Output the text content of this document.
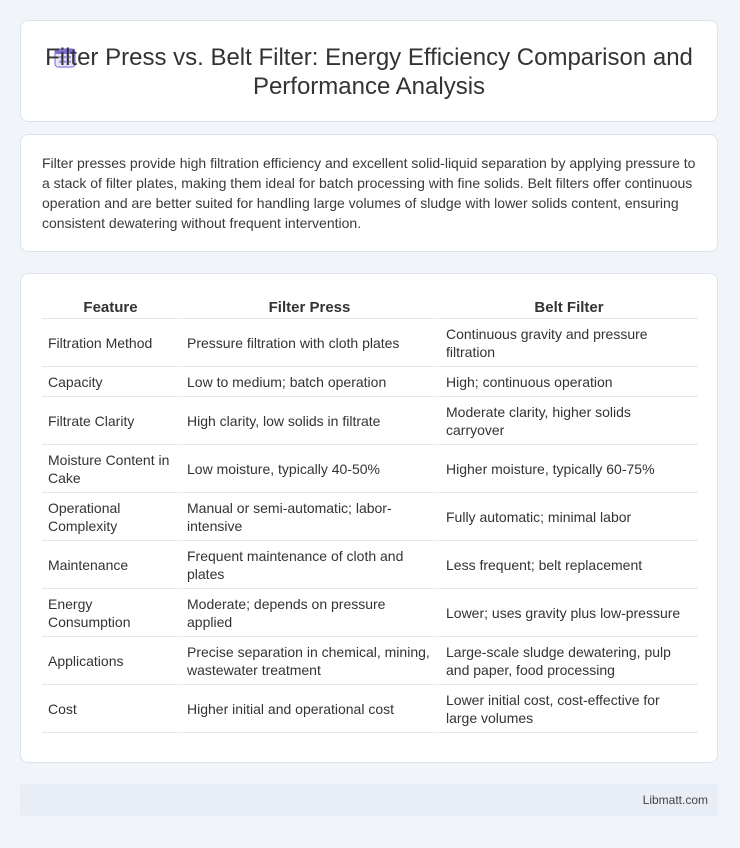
Filter Press vs. Belt Filter: Energy Efficiency Comparison and Performance Analysis
Filter presses provide high filtration efficiency and excellent solid-liquid separation by applying pressure to a stack of filter plates, making them ideal for batch processing with fine solids. Belt filters offer continuous operation and are better suited for handling large volumes of sludge with lower solids content, ensuring consistent dewatering without frequent intervention.
Feature	Filter Press	Belt Filter
Filtration Method	Pressure filtration with cloth plates	Continuous gravity and pressure filtration
Capacity	Low to medium; batch operation	High; continuous operation
Filtrate Clarity	High clarity, low solids in filtrate	Moderate clarity, higher solids carryover
Moisture Content in Cake	Low moisture, typically 40-50%	Higher moisture, typically 60-75%
Operational Complexity	Manual or semi-automatic; labor-intensive	Fully automatic; minimal labor
Maintenance	Frequent maintenance of cloth and plates	Less frequent; belt replacement
Energy Consumption	Moderate; depends on pressure applied	Lower; uses gravity plus low-pressure
Applications	Precise separation in chemical, mining, wastewater treatment	Large-scale sludge dewatering, pulp and paper, food processing
Cost	Higher initial and operational cost	Lower initial cost, cost-effective for large volumes
Libmatt.com
